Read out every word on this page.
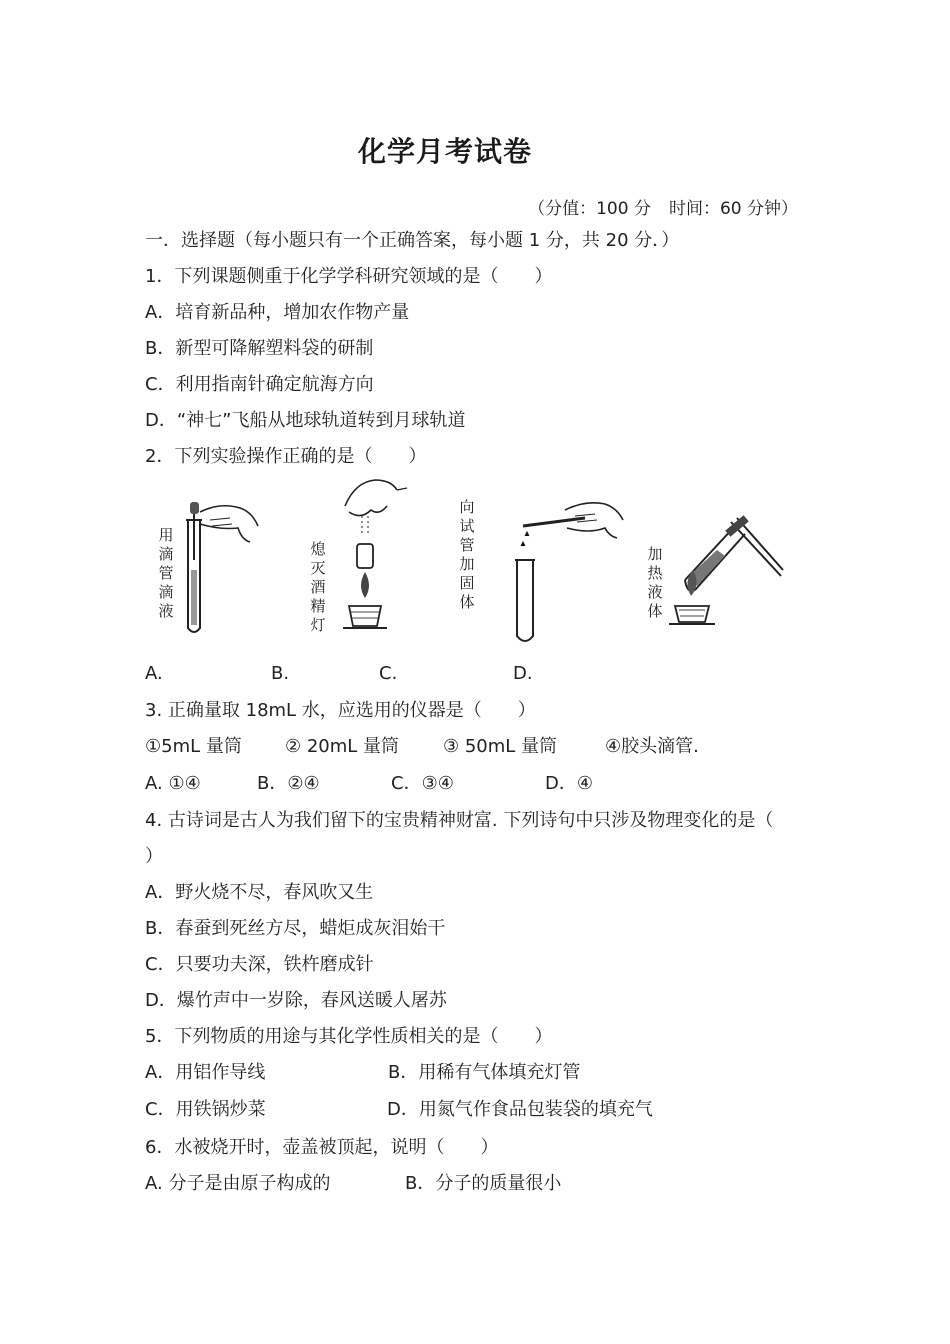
化学月考试卷
（分值：100 分 时间：60 分钟）
一．选择题（每小题只有一个正确答案，每小题 1 分，共 20 分．）
1．下列课题侧重于化学学科研究领域的是（　　）
A．培育新品种，增加农作物产量
B．新型可降解塑料袋的研制
C．利用指南针确定航海方向
D．“神七”飞船从地球轨道转到月球轨道
2．下列实验操作正确的是（　　）
用滴管滴液
熄灭酒精灯
向试管加固体
加热液体
A.	B.	C.	D.
3. 正确量取 18mL 水，应选用的仪器是（　　）
①5mL 量筒 ② 20mL 量筒 ③ 50mL 量筒	④胶头滴管.
A. ①④	B．②④	C．③④	D．④
4. 古诗词是古人为我们留下的宝贵精神财富. 下列诗句中只涉及物理变化的是（
）
A．野火烧不尽，春风吹又生
B．春蚕到死丝方尽，蜡炬成灰泪始干
C．只要功夫深，铁杵磨成针
D．爆竹声中一岁除，春风送暖人屠苏
5．下列物质的用途与其化学性质相关的是（　　）
A．用铝作导线	B．用稀有气体填充灯管
C．用铁锅炒菜	D．用氮气作食品包装袋的填充气
6．水被烧开时，壶盖被顶起，说明（　　）
A. 分子是由原子构成的	B．分子的质量很小
